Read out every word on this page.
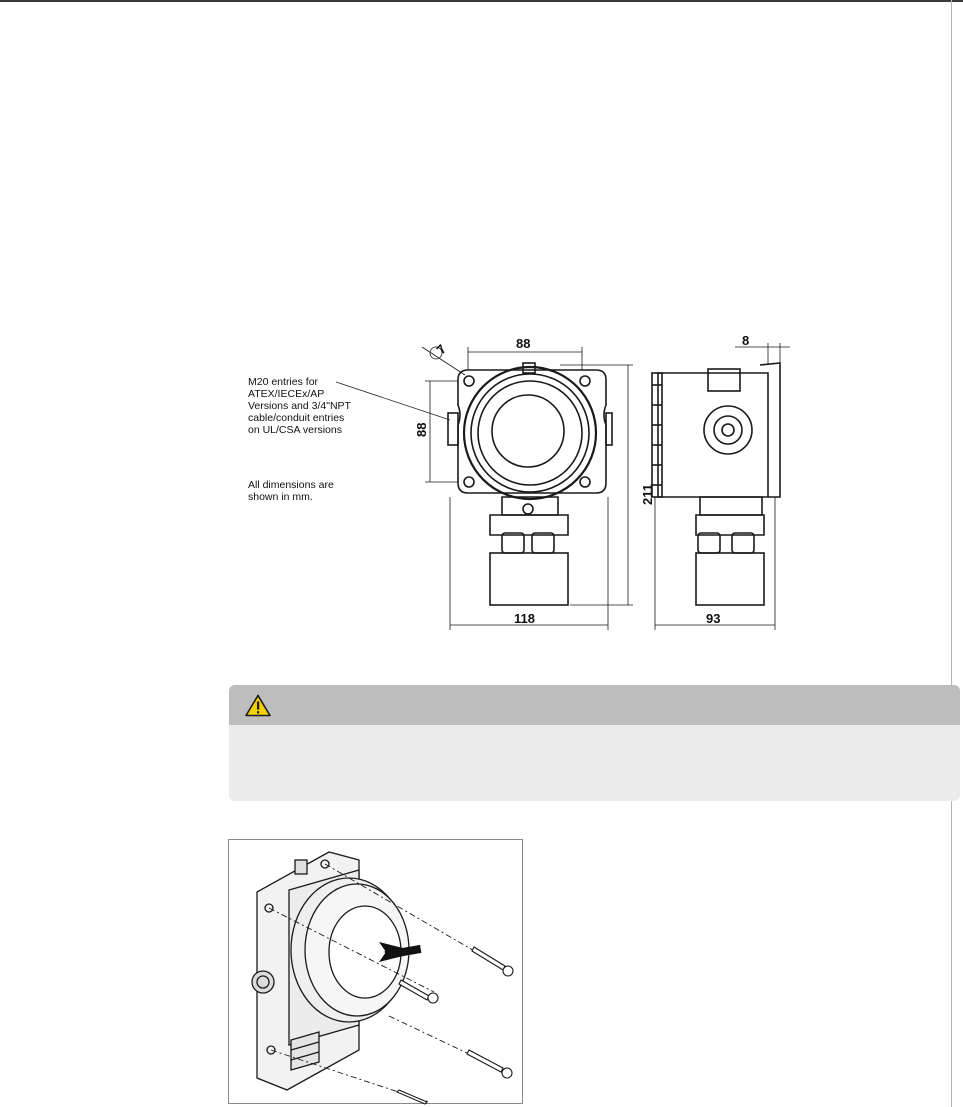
M20 entries for
ATEX/IECEx/AP
Versions and 3/4"NPT
cable/conduit entries
on UL/CSA versions
All dimensions are
shown in mm.
88
88
211
118
7
93
8
